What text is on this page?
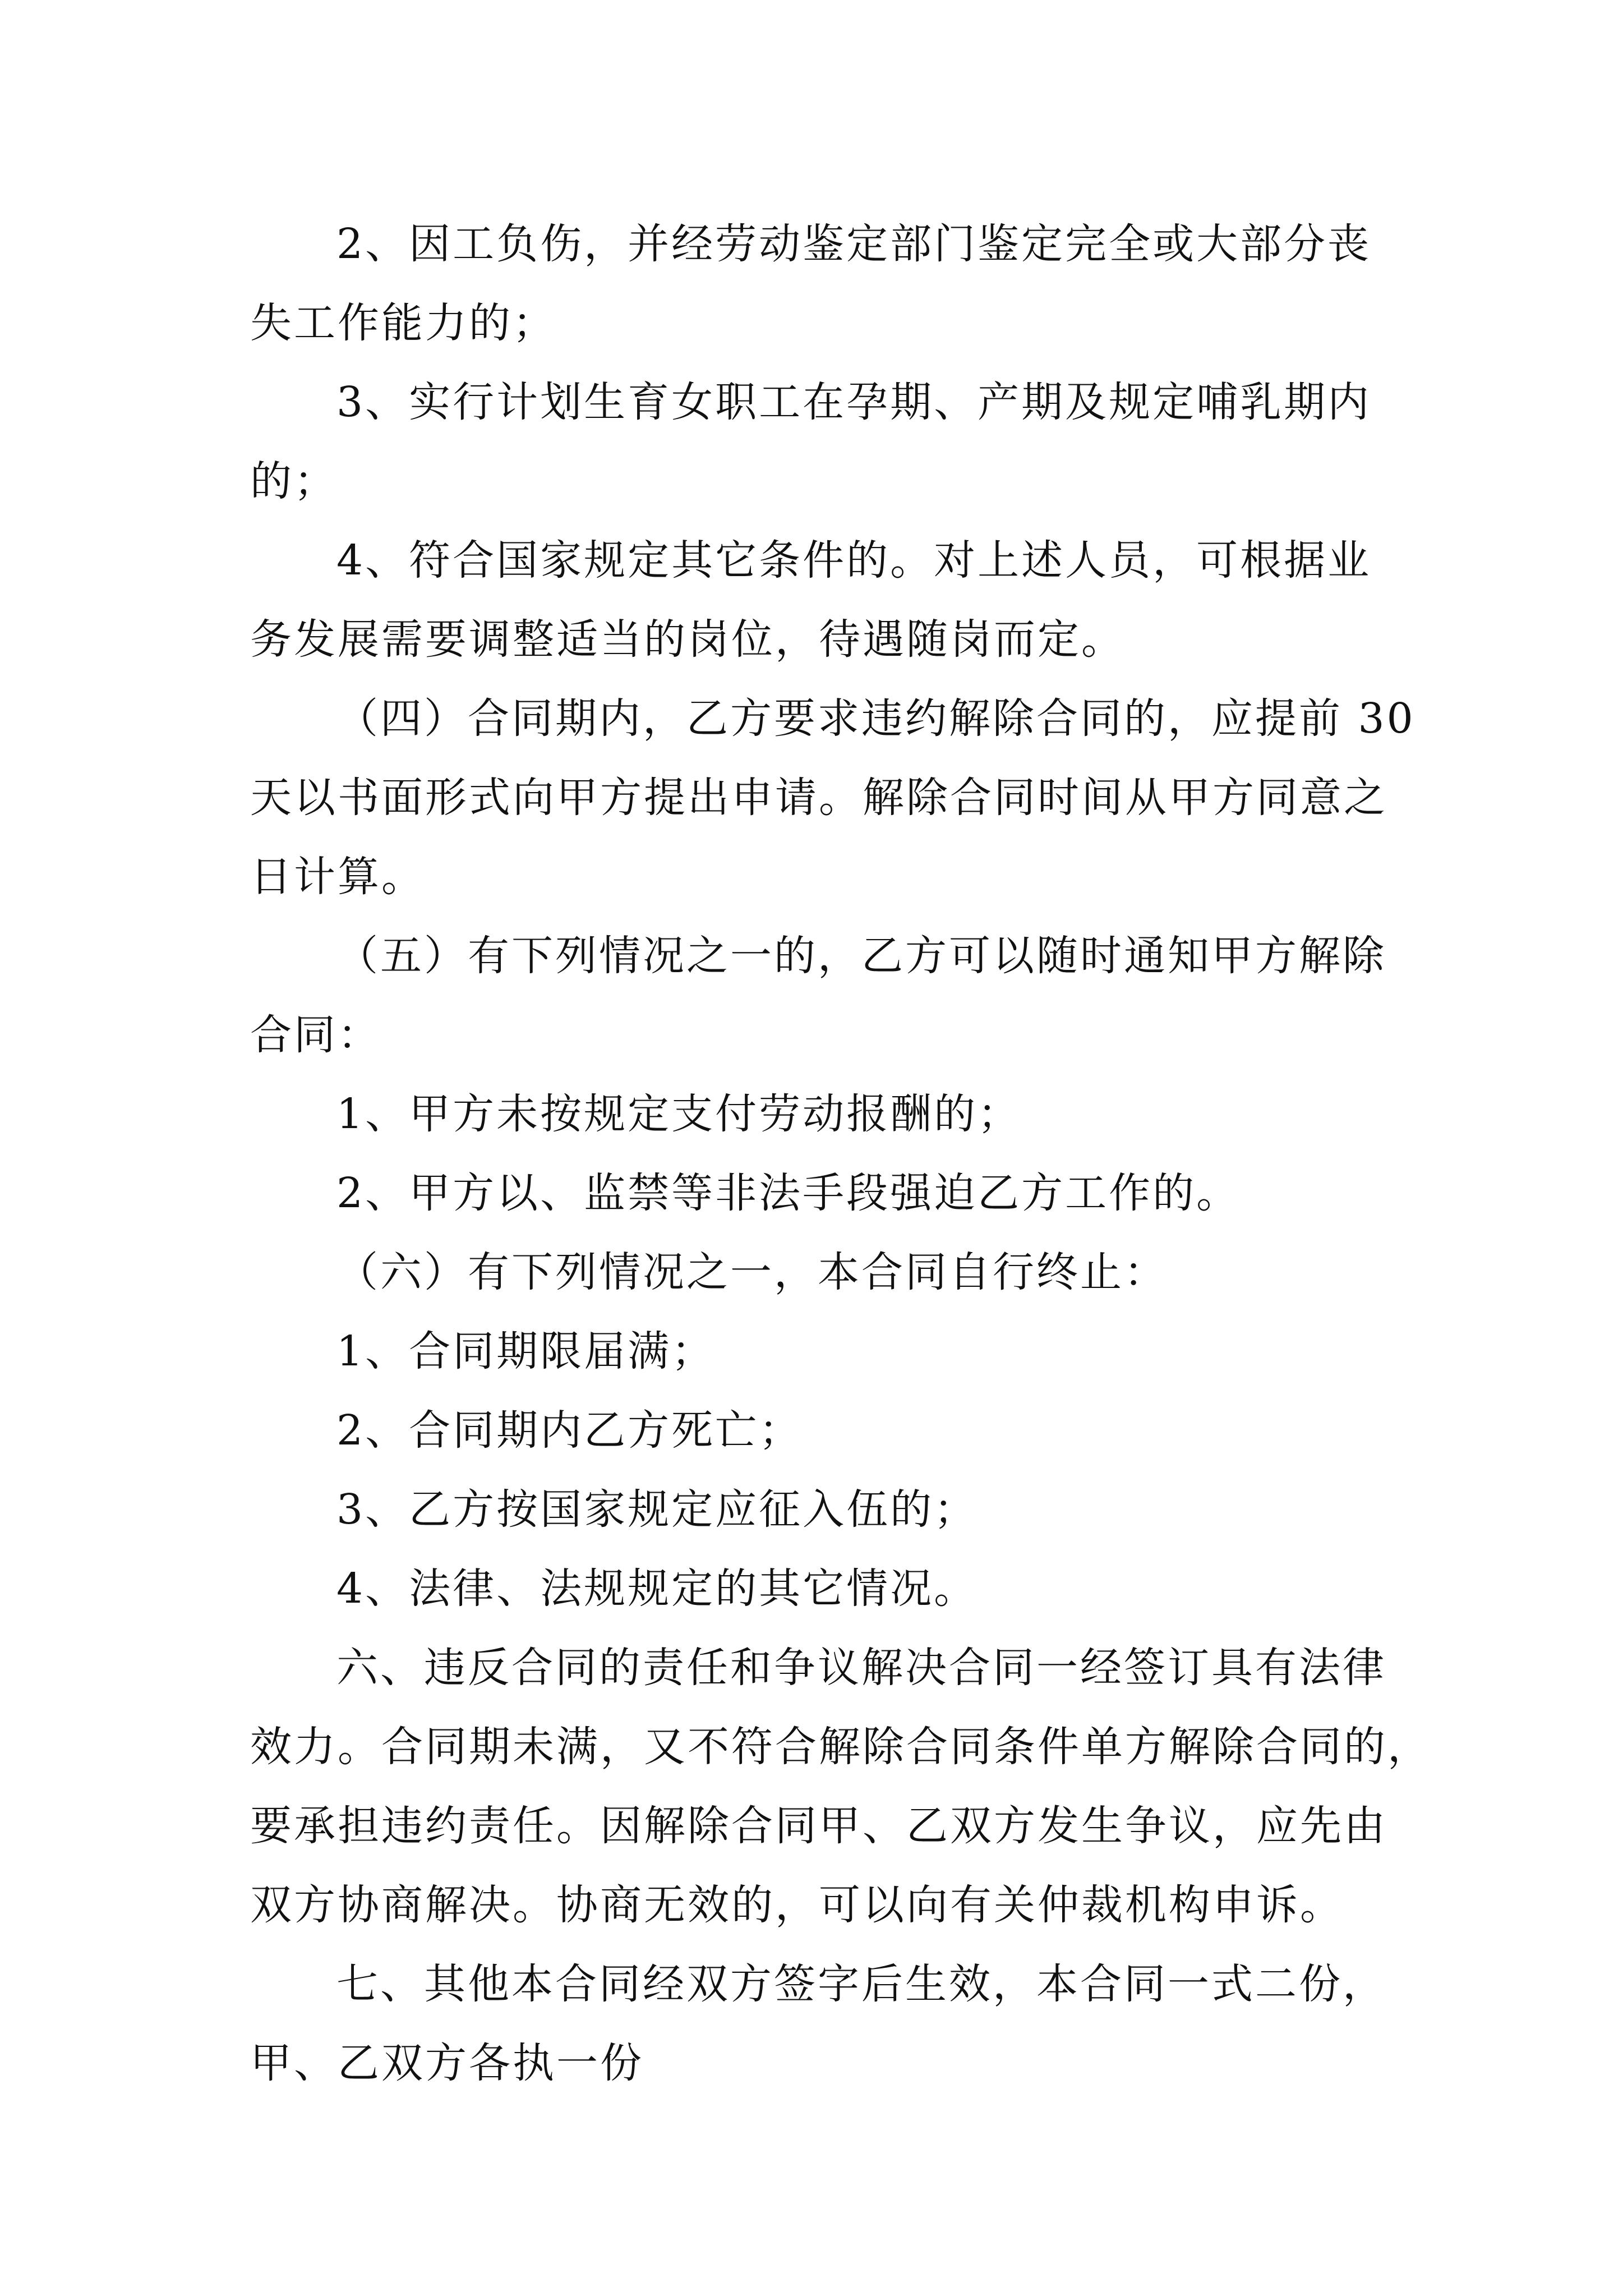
2、因工负伤，并经劳动鉴定部门鉴定完全或大部分丧

失工作能力的；

3、实行计划生育女职工在孕期、产期及规定哺乳期内

的；

4、符合国家规定其它条件的。对上述人员，可根据业

务发展需要调整适当的岗位，待遇随岗而定。

（四）合同期内，乙方要求违约解除合同的，应提前 30

天以书面形式向甲方提出申请。解除合同时间从甲方同意之

日计算。

（五）有下列情况之一的，乙方可以随时通知甲方解除

合同：

1、甲方未按规定支付劳动报酬的；

2、甲方以、监禁等非法手段强迫乙方工作的。

（六）有下列情况之一，本合同自行终止：

1、合同期限届满；

2、合同期内乙方死亡；

3、乙方按国家规定应征入伍的；

4、法律、法规规定的其它情况。

六、违反合同的责任和争议解决合同一经签订具有法律

效力。合同期未满，又不符合解除合同条件单方解除合同的，

要承担违约责任。因解除合同甲、乙双方发生争议，应先由

双方协商解决。协商无效的，可以向有关仲裁机构申诉。

七、其他本合同经双方签字后生效，本合同一式二份，

甲、乙双方各执一份
